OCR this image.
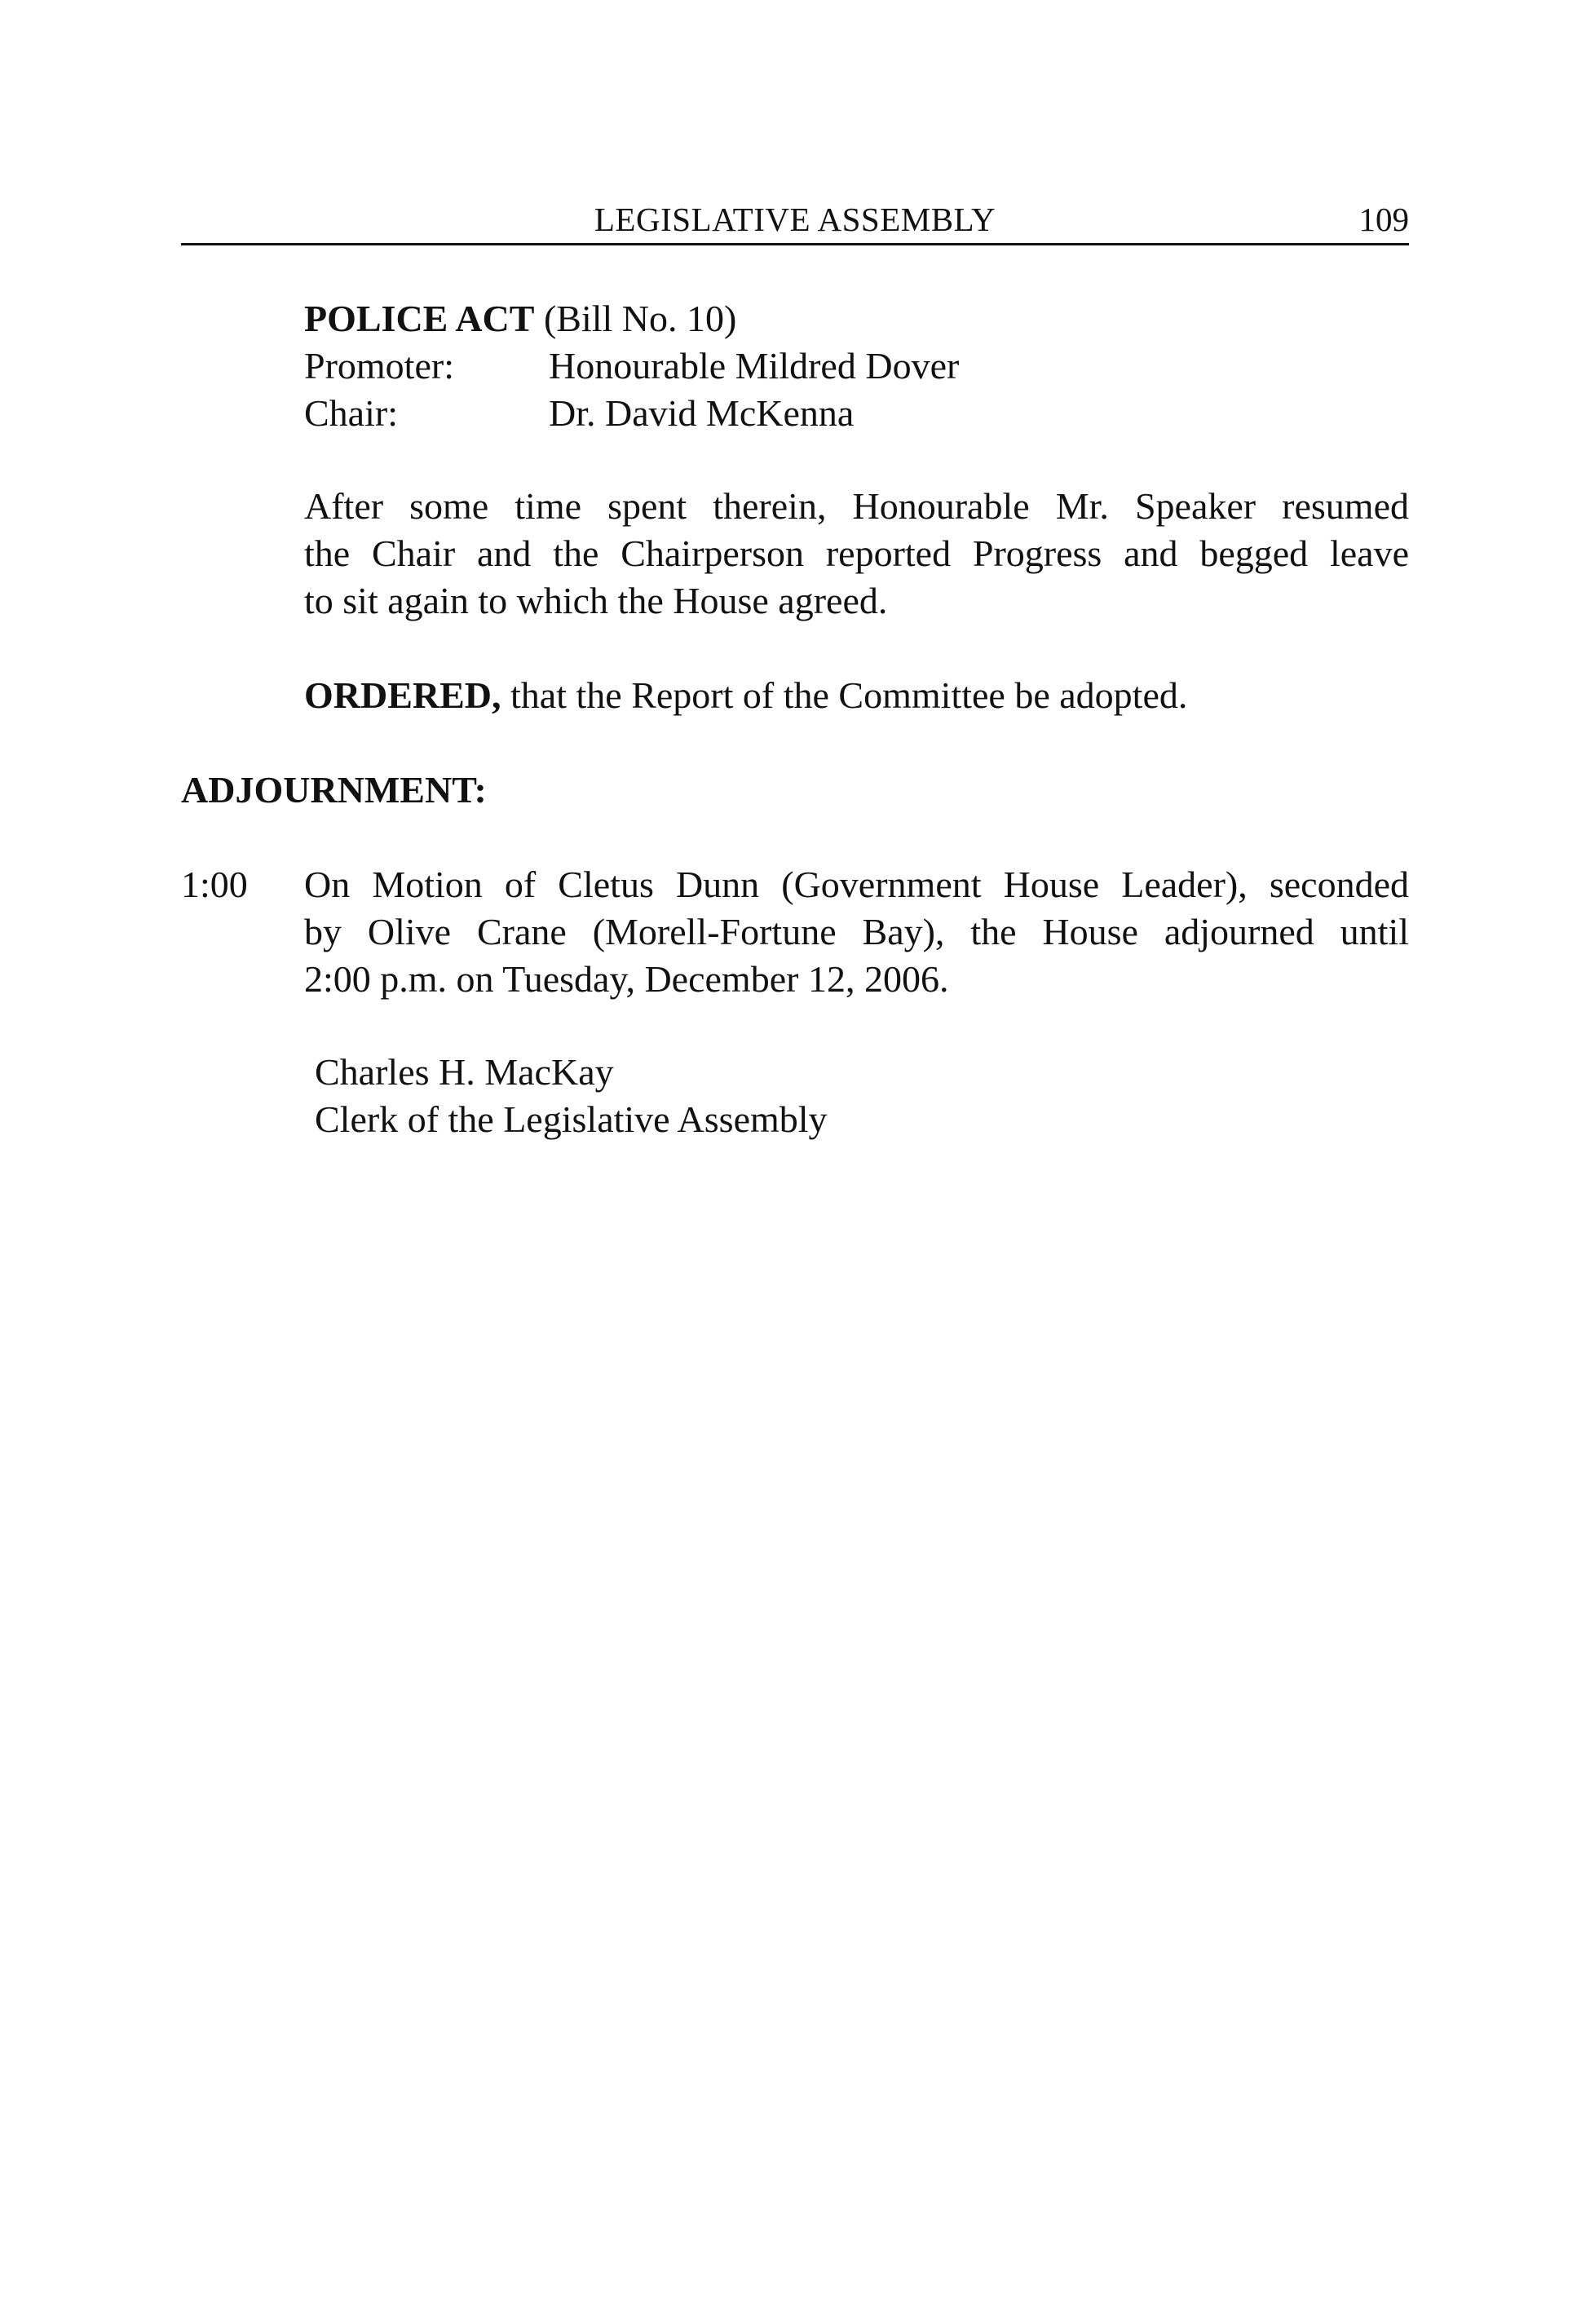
LEGISLATIVE ASSEMBLY	109
POLICE ACT (Bill No. 10)
Promoter:	Honourable Mildred Dover
Chair:	Dr. David McKenna
After some time spent therein, Honourable Mr. Speaker resumed
the Chair and the Chairperson reported Progress and begged leave
to sit again to which the House agreed.
ORDERED, that the Report of the Committee be adopted.
ADJOURNMENT:
1:00 On Motion of Cletus Dunn (Government House Leader), seconded
by Olive Crane (Morell-Fortune Bay), the House adjourned until
2:00 p.m. on Tuesday, December 12, 2006.
Charles H. MacKay
Clerk of the Legislative Assembly
